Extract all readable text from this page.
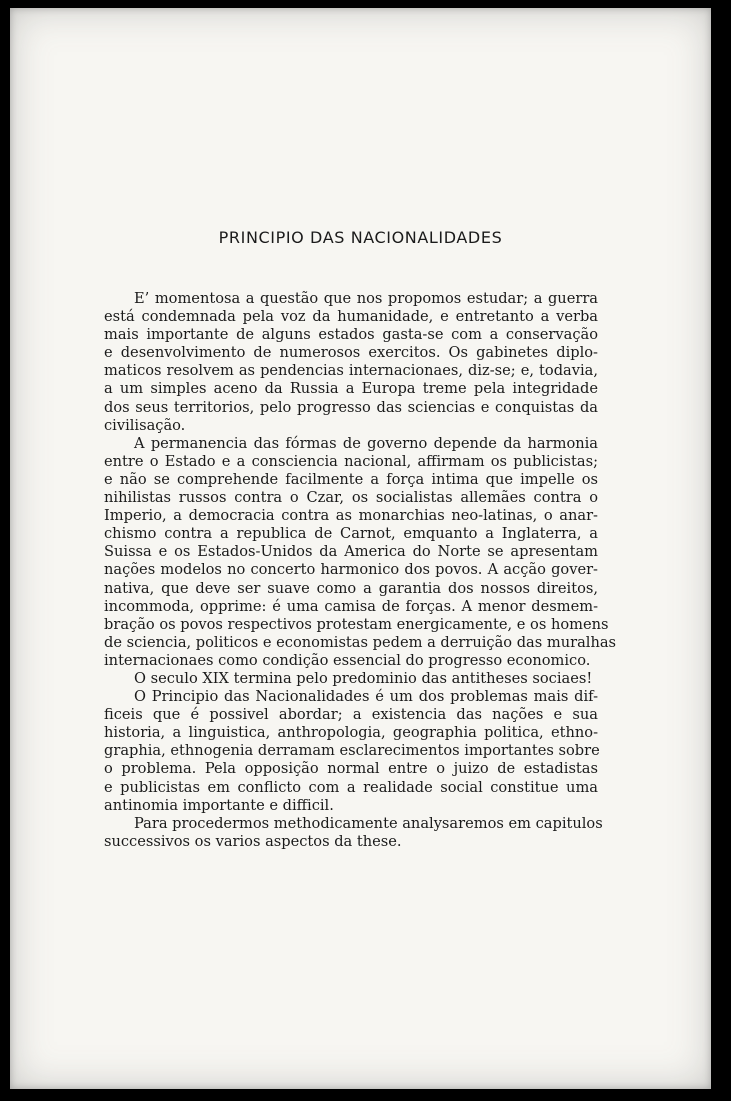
PRINCIPIO DAS NACIONALIDADES
E’ momentosa a questão que nos propomos estudar; a guerra
está condemnada pela voz da humanidade, e entretanto a verba
mais importante de alguns estados gasta-se com a conservação
e desenvolvimento de numerosos exercitos. Os gabinetes diplo-
maticos resolvem as pendencias internacionaes, diz-se; e, todavia,
a um simples aceno da Russia a Europa treme pela integridade
dos seus territorios, pelo progresso das sciencias e conquistas da
civilisação.
A permanencia das fórmas de governo depende da harmonia
entre o Estado e a consciencia nacional, affirmam os publicistas;
e não se comprehende facilmente a força intima que impelle os
nihilistas russos contra o Czar, os socialistas allemães contra o
Imperio, a democracia contra as monarchias neo-latinas, o anar-
chismo contra a republica de Carnot, emquanto a Inglaterra, a
Suissa e os Estados-Unidos da America do Norte se apresentam
nações modelos no concerto harmonico dos povos. A acção gover-
nativa, que deve ser suave como a garantia dos nossos direitos,
incommoda, opprime: é uma camisa de forças. A menor desmem-
bração os povos respectivos protestam energicamente, e os homens
de sciencia, politicos e economistas pedem a derruição das muralhas
internacionaes como condição essencial do progresso economico.
O seculo XIX termina pelo predominio das antitheses sociaes!
O Principio das Nacionalidades é um dos problemas mais dif-
ficeis que é possivel abordar; a existencia das nações e sua
historia, a linguistica, anthropologia, geographia politica, ethno-
graphia, ethnogenia derramam esclarecimentos importantes sobre
o problema. Pela opposição normal entre o juizo de estadistas
e publicistas em conflicto com a realidade social constitue uma
antinomia importante e difficil.
Para procedermos methodicamente analysaremos em capitulos
successivos os varios aspectos da these.
